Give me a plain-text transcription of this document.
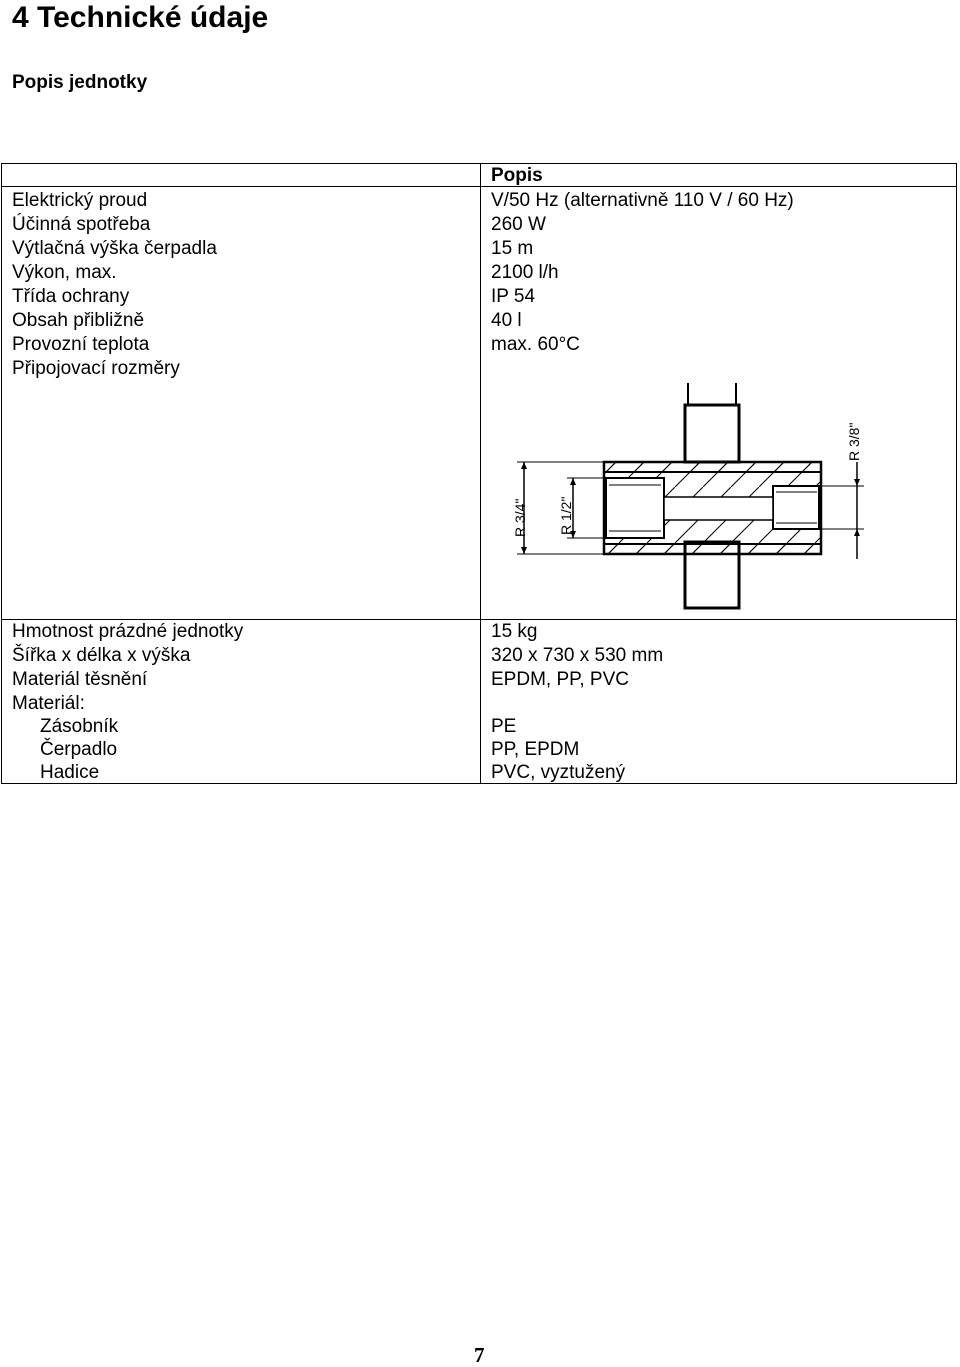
4 Technické údaje
Popis jednotky
Popis
Elektrický proud	V/50 Hz (alternativně 110 V / 60 Hz)
Účinná spotřeba	260 W
Výtlačná výška čerpadla	15 m
Výkon, max.	2100 l/h
Třída ochrany	IP 54
Obsah přibližně	40 l
Provozní teplota	max. 60°C
Připojovací rozměry
Hmotnost prázdné jednotky	15 kg
Šířka x délka x výška	320 x 730 x 530 mm
Materiál těsnění	EPDM, PP, PVC
Materiál:
Zásobník	PE
Čerpadlo	PP, EPDM
Hadice	PVC, vyztužený
R 3/4" R 1/2"
R 3/8"
7
